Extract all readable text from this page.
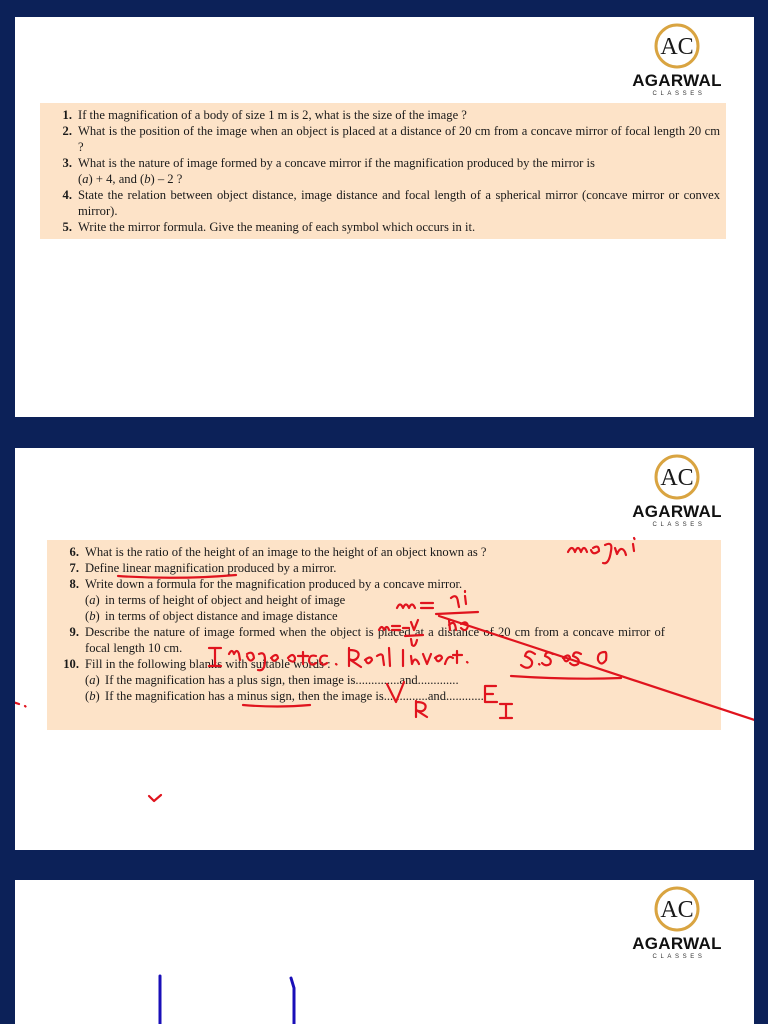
AC
AGARWAL
CLASSES
1. If the magnification of a body of size 1 m is 2, what is the size of the image ?
2. What is the position of the image when an object is placed at a distance of 20 cm from a concave mirror of focal length 20 cm ?
3. What is the nature of image formed by a concave mirror if the magnification produced by the mirror is
(a) + 4, and (b) – 2 ?
4. State the relation between object distance, image distance and focal length of a spherical mirror (concave mirror or convex mirror).
5. Write the mirror formula. Give the meaning of each symbol which occurs in it.
AC
AGARWAL
CLASSES
6. What is the ratio of the height of an image to the height of an object known as ?
7. Define linear magnification produced by a mirror.
8. Write down a formula for the magnification produced by a concave mirror.
( a ) in terms of height of object and height of image
( b ) in terms of object distance and image distance
9. Describe the nature of image formed when the object is placed at a distance of 20 cm from a concave mirror of focal length 10 cm.
10. Fill in the following blanks with suitable words :
( a ) If the magnification has a plus sign, then image is..............and.............
( b ) If the magnification has a minus sign, then the image is..............and............
AC
AGARWAL
CLASSES
